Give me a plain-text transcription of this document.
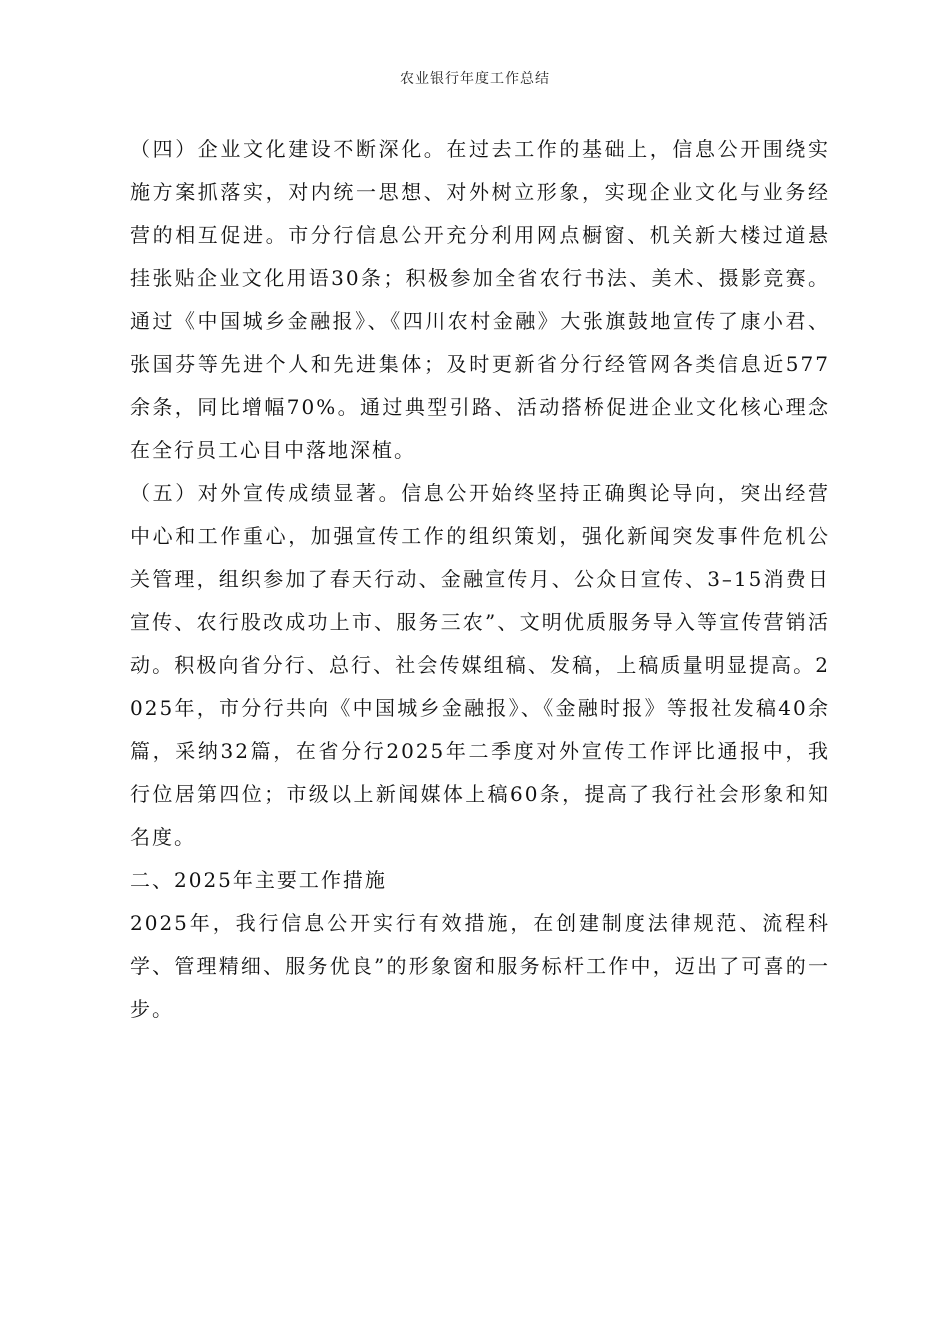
农业银行年度工作总结

（四）企业文化建设不断深化。在过去工作的基础上，信息公开围绕实施方案抓落实，对内统一思想、对外树立形象，实现企业文化与业务经营的相互促进。市分行信息公开充分利用网点橱窗、机关新大楼过道悬挂张贴企业文化用语30条；积极参加全省农行书法、美术、摄影竞赛。通过《中国城乡金融报》、《四川农村金融》大张旗鼓地宣传了康小君、张国芬等先进个人和先进集体；及时更新省分行经管网各类信息近577余条，同比增幅70%。通过典型引路、活动搭桥促进企业文化核心理念在全行员工心目中落地深植。

（五）对外宣传成绩显著。信息公开始终坚持正确舆论导向，突出经营中心和工作重心，加强宣传工作的组织策划，强化新闻突发事件危机公关管理，组织参加了春天行动、金融宣传月、公众日宣传、3–15消费日宣传、农行股改成功上市、服务三农”、文明优质服务导入等宣传营销活动。积极向省分行、总行、社会传媒组稿、发稿，上稿质量明显提高。2025年，市分行共向《中国城乡金融报》、《金融时报》等报社发稿40余篇，采纳32篇，在省分行2025年二季度对外宣传工作评比通报中，我行位居第四位；市级以上新闻媒体上稿60条，提高了我行社会形象和知名度。

二、2025年主要工作措施

2025年，我行信息公开实行有效措施，在创建制度法律规范、流程科学、管理精细、服务优良”的形象窗和服务标杆工作中，迈出了可喜的一步。
